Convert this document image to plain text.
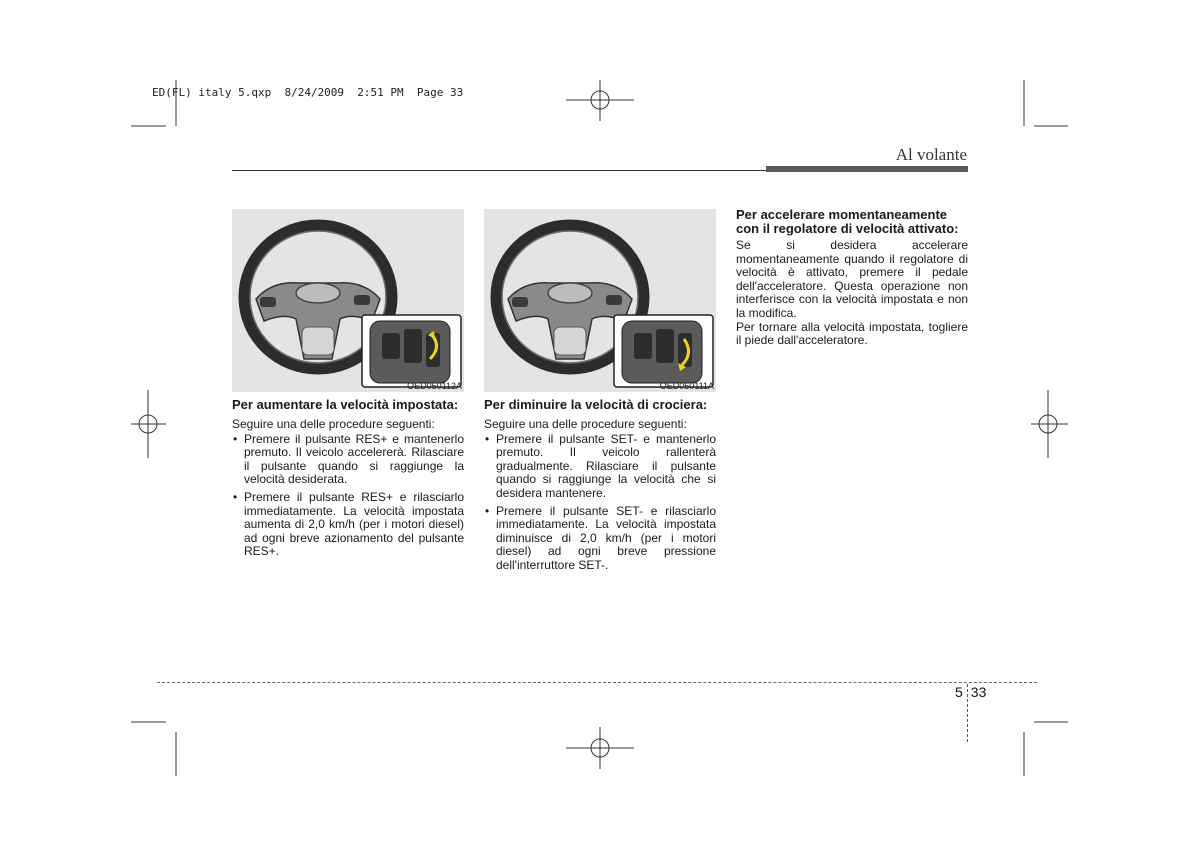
ED(FL) italy 5.qxp  8/24/2009  2:51 PM  Page 33
Al volante
OED050112A	OED050111A

Per aumentare la velocità impostata:

Seguire una delle procedure seguenti:

• Premere il pulsante RES+ e mantenerlo premuto. Il veicolo accelererà. Rilasciare il pulsante quando si raggiunge la velocità desiderata.
• Premere il pulsante RES+ e rilasciarlo immediatamente. La velocità impostata aumenta di 2,0 km/h (per i motori diesel) ad ogni breve azionamento del pulsante RES+.

Per diminuire la velocità di crociera:

Seguire una delle procedure seguenti:

• Premere il pulsante SET- e mantenerlo premuto. Il veicolo rallenterà gradualmente. Rilasciare il pulsante quando si raggiunge la velocità che si desidera mantenere.
• Premere il pulsante SET- e rilasciarlo immediatamente. La velocità impostata diminuisce di 2,0 km/h (per i motori diesel) ad ogni breve pressione dell'interruttore SET-.

Per accelerare momentaneamente con il regolatore di velocità attivato:

Se si desidera accelerare momentaneamente quando il regolatore di velocità è attivato, premere il pedale dell'acceleratore. Questa operazione non interferisce con la velocità impostata e non la modifica.

Per tornare alla velocità impostata, togliere il piede dall'acceleratore.

5 33
